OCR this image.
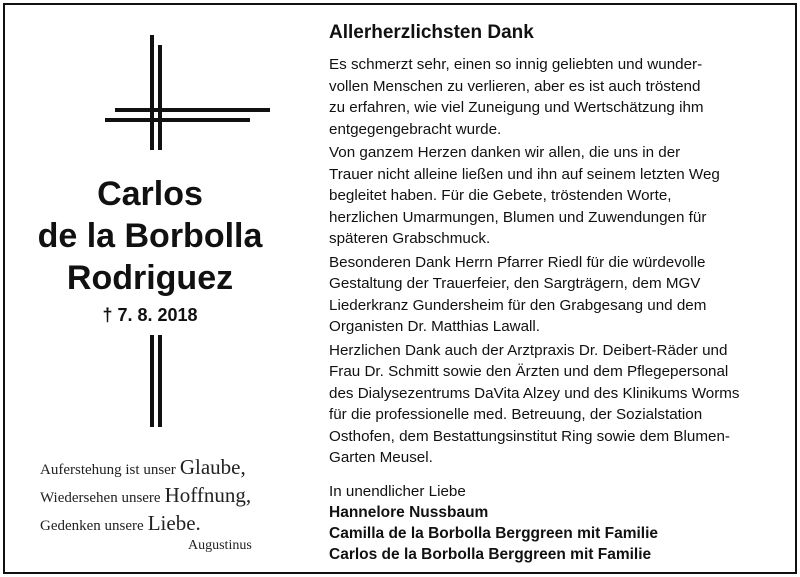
Carlos
de la Borbolla
Rodriguez
† 7. 8. 2018
Auferstehung ist unser Glaube,
Wiedersehen unsere Hoffnung,
Gedenken unsere Liebe.
Augustinus
Allerherzlichsten Dank
Es schmerzt sehr, einen so innig geliebten und wunder-
vollen Menschen zu verlieren, aber es ist auch tröstend
zu erfahren, wie viel Zuneigung und Wertschätzung ihm
entgegengebracht wurde.
Von ganzem Herzen danken wir allen, die uns in der
Trauer nicht alleine ließen und ihn auf seinem letzten Weg
begleitet haben. Für die Gebete, tröstenden Worte,
herzlichen Umarmungen, Blumen und Zuwendungen für
späteren Grabschmuck.
Besonderen Dank Herrn Pfarrer Riedl für die würdevolle
Gestaltung der Trauerfeier, den Sargträgern, dem MGV
Liederkranz Gundersheim für den Grabgesang und dem
Organisten Dr. Matthias Lawall.
Herzlichen Dank auch der Arztpraxis Dr. Deibert-Räder und
Frau Dr. Schmitt sowie den Ärzten und dem Pflegepersonal
des Dialysezentrums DaVita Alzey und des Klinikums Worms
für die professionelle med. Betreuung, der Sozialstation
Osthofen, dem Bestattungsinstitut Ring sowie dem Blumen-
Garten Meusel.
In unendlicher Liebe
Hannelore Nussbaum
Camilla de la Borbolla Berggreen mit Familie
Carlos de la Borbolla Berggreen mit Familie
